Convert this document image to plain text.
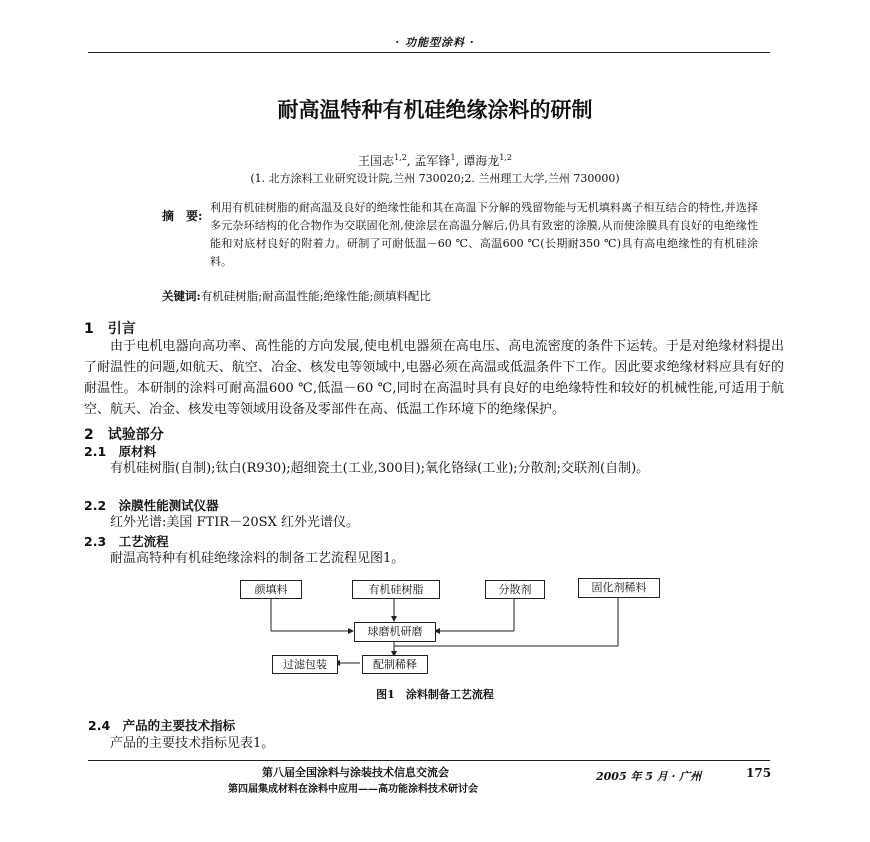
· 功能型涂料 ·
耐高温特种有机硅绝缘涂料的研制
王国志$^{1,2}$, 孟军锋$^1$, 谭海龙$^{1,2}$
(1. 北方涂料工业研究设计院,兰州 730020;2. 兰州理工大学,兰州 730000)
摘　要:
利用有机硅树脂的耐高温及良好的绝缘性能和其在高温下分解的残留物能与无机填料离子相互结合的特性,并选择多元杂环结构的化合物作为交联固化剂,使涂层在高温分解后,仍具有致密的涂膜,从而使涂膜具有良好的电绝缘性能和对底材良好的附着力。研制了可耐低温－60 ℃、高温600 ℃(长期耐350 ℃)具有高电绝缘性的有机硅涂料。
关键词:有机硅树脂;耐高温性能;绝缘性能;颜填料配比
1　引言
由于电机电器向高功率、高性能的方向发展,使电机电器须在高电压、高电流密度的条件下运转。于是对绝缘材料提出了耐温性的问题,如航天、航空、冶金、核发电等领域中,电器必须在高温或低温条件下工作。因此要求绝缘材料应具有好的耐温性。本研制的涂料可耐高温600 ℃,低温－60 ℃,同时在高温时具有良好的电绝缘特性和较好的机械性能,可适用于航空、航天、冶金、核发电等领域用设备及零部件在高、低温工作环境下的绝缘保护。
2　试验部分
2.1　原材料
有机硅树脂(自制);钛白(R930);超细瓷土(工业,300目);氧化铬绿(工业);分散剂;交联剂(自制)。
2.2　涂膜性能测试仪器
红外光谱:美国 FTIR－20SX 红外光谱仪。
2.3　工艺流程
耐温高特种有机硅绝缘涂料的制备工艺流程见图1。
颜填料	有机硅树脂	分散剂	固化剂稀料
球磨机研磨
配制稀释
过滤包装
图1　涂料制备工艺流程
2.4　产品的主要技术指标
产品的主要技术指标见表1。
第八届全国涂料与涂装技术信息交流会
第四届集成材料在涂料中应用——高功能涂料技术研讨会
2005 年 5 月 · 广州	175
